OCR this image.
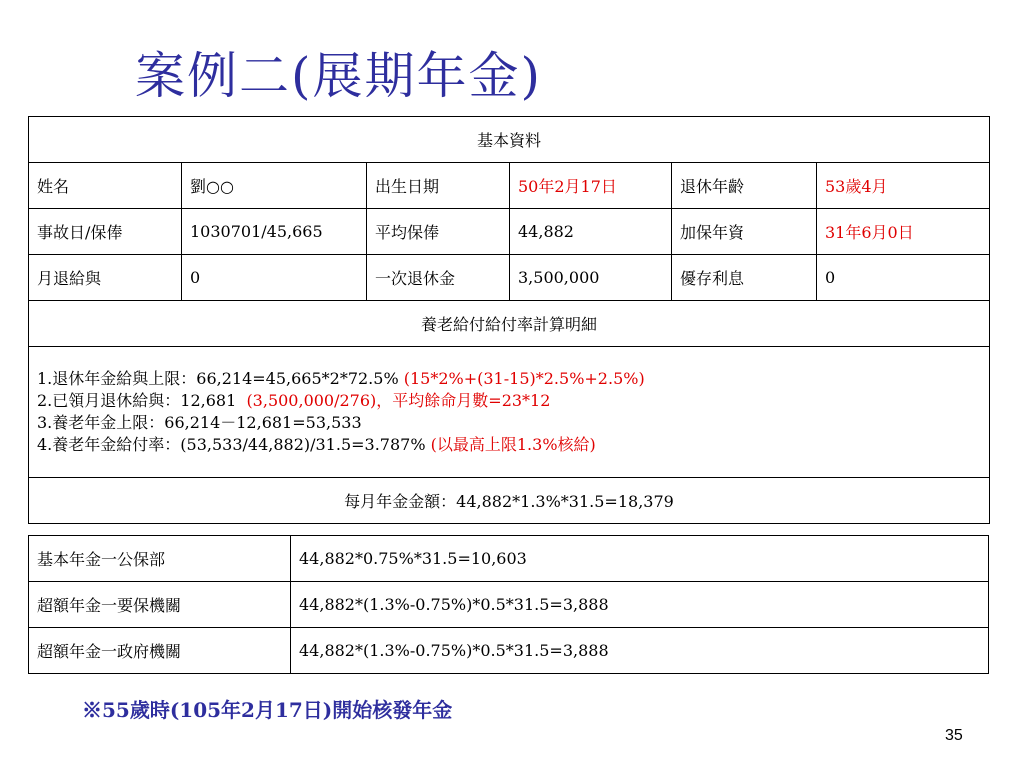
案例二(展期年金)
基本資料					
姓名	劉○○	出生日期	50年2月17日	退休年齡	53歲4月
事故日/保俸	1030701/45,665	平均保俸	44,882	加保年資	31年6月0日
月退給與	0	一次退休金	3,500,000	優存利息	0
養老給付給付率計算明細					

1.退休年金給與上限：66,214=45,665*2*72.5% (15*2%+(31-15)*2.5%+2.5%)
2.已領月退休給與：12,681  (3,500,000/276)，平均餘命月數=23*12
3.養老年金上限：66,214－12,681=53,533
4.養老年金給付率：(53,533/44,882)/31.5=3.787% (以最高上限1.3%核給)					

每月年金金額：44,882*1.3%*31.5=18,379					
基本年金一公保部	44,882*0.75%*31.5=10,603
超額年金一要保機關	44,882*(1.3%-0.75%)*0.5*31.5=3,888
超額年金一政府機關	44,882*(1.3%-0.75%)*0.5*31.5=3,888
※55歲時(105年2月17日)開始核發年金
35
